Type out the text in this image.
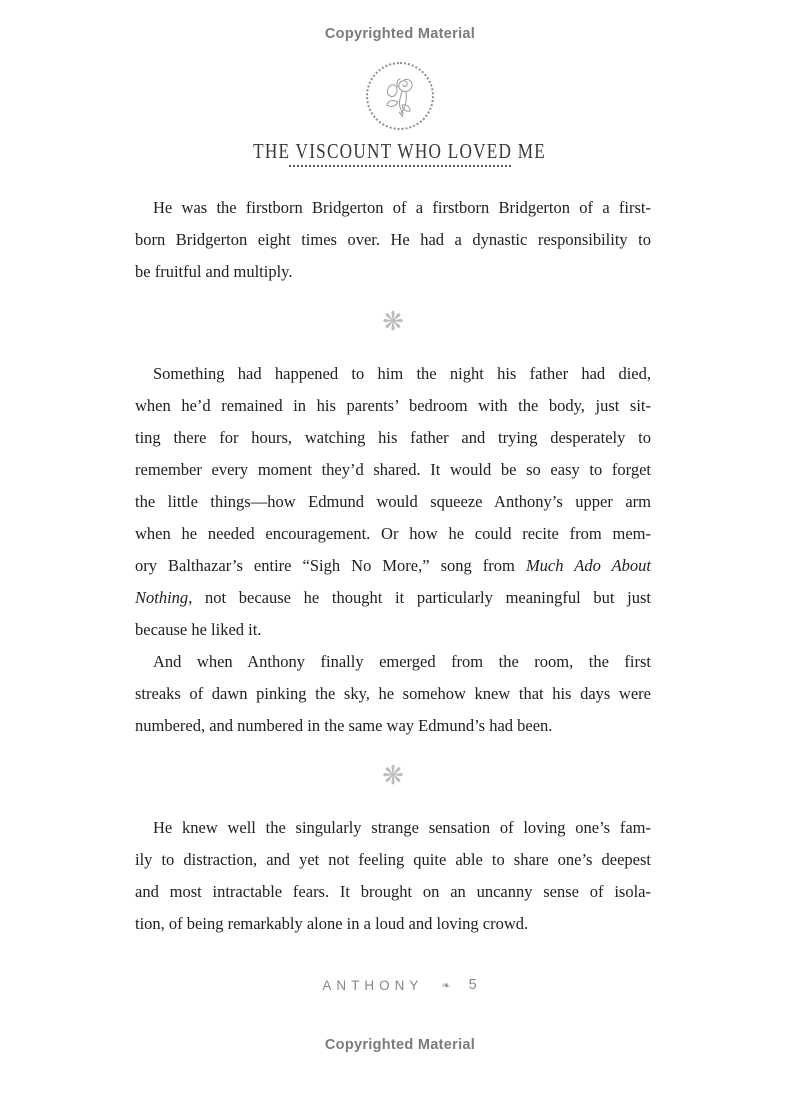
Copyrighted Material
THE VISCOUNT WHO LOVED ME
He was the firstborn Bridgerton of a firstborn Bridgerton of a first-
born Bridgerton eight times over. He had a dynastic responsibility to
be fruitful and multiply.
❋
Something had happened to him the night his father had died,
when he’d remained in his parents’ bedroom with the body, just sit-
ting there for hours, watching his father and trying desperately to
remember every moment they’d shared. It would be so easy to forget
the little things—how Edmund would squeeze Anthony’s upper arm
when he needed encouragement. Or how he could recite from mem-
ory Balthazar’s entire “Sigh No More,” song from Much Ado About
Nothing, not because he thought it particularly meaningful but just
because he liked it.
And when Anthony finally emerged from the room, the first
streaks of dawn pinking the sky, he somehow knew that his days were
numbered, and numbered in the same way Edmund’s had been.
❋
He knew well the singularly strange sensation of loving one’s fam-
ily to distraction, and yet not feeling quite able to share one’s deepest
and most intractable fears. It brought on an uncanny sense of isola-
tion, of being remarkably alone in a loud and loving crowd.
ANTHONY ❧ 5
Copyrighted Material
